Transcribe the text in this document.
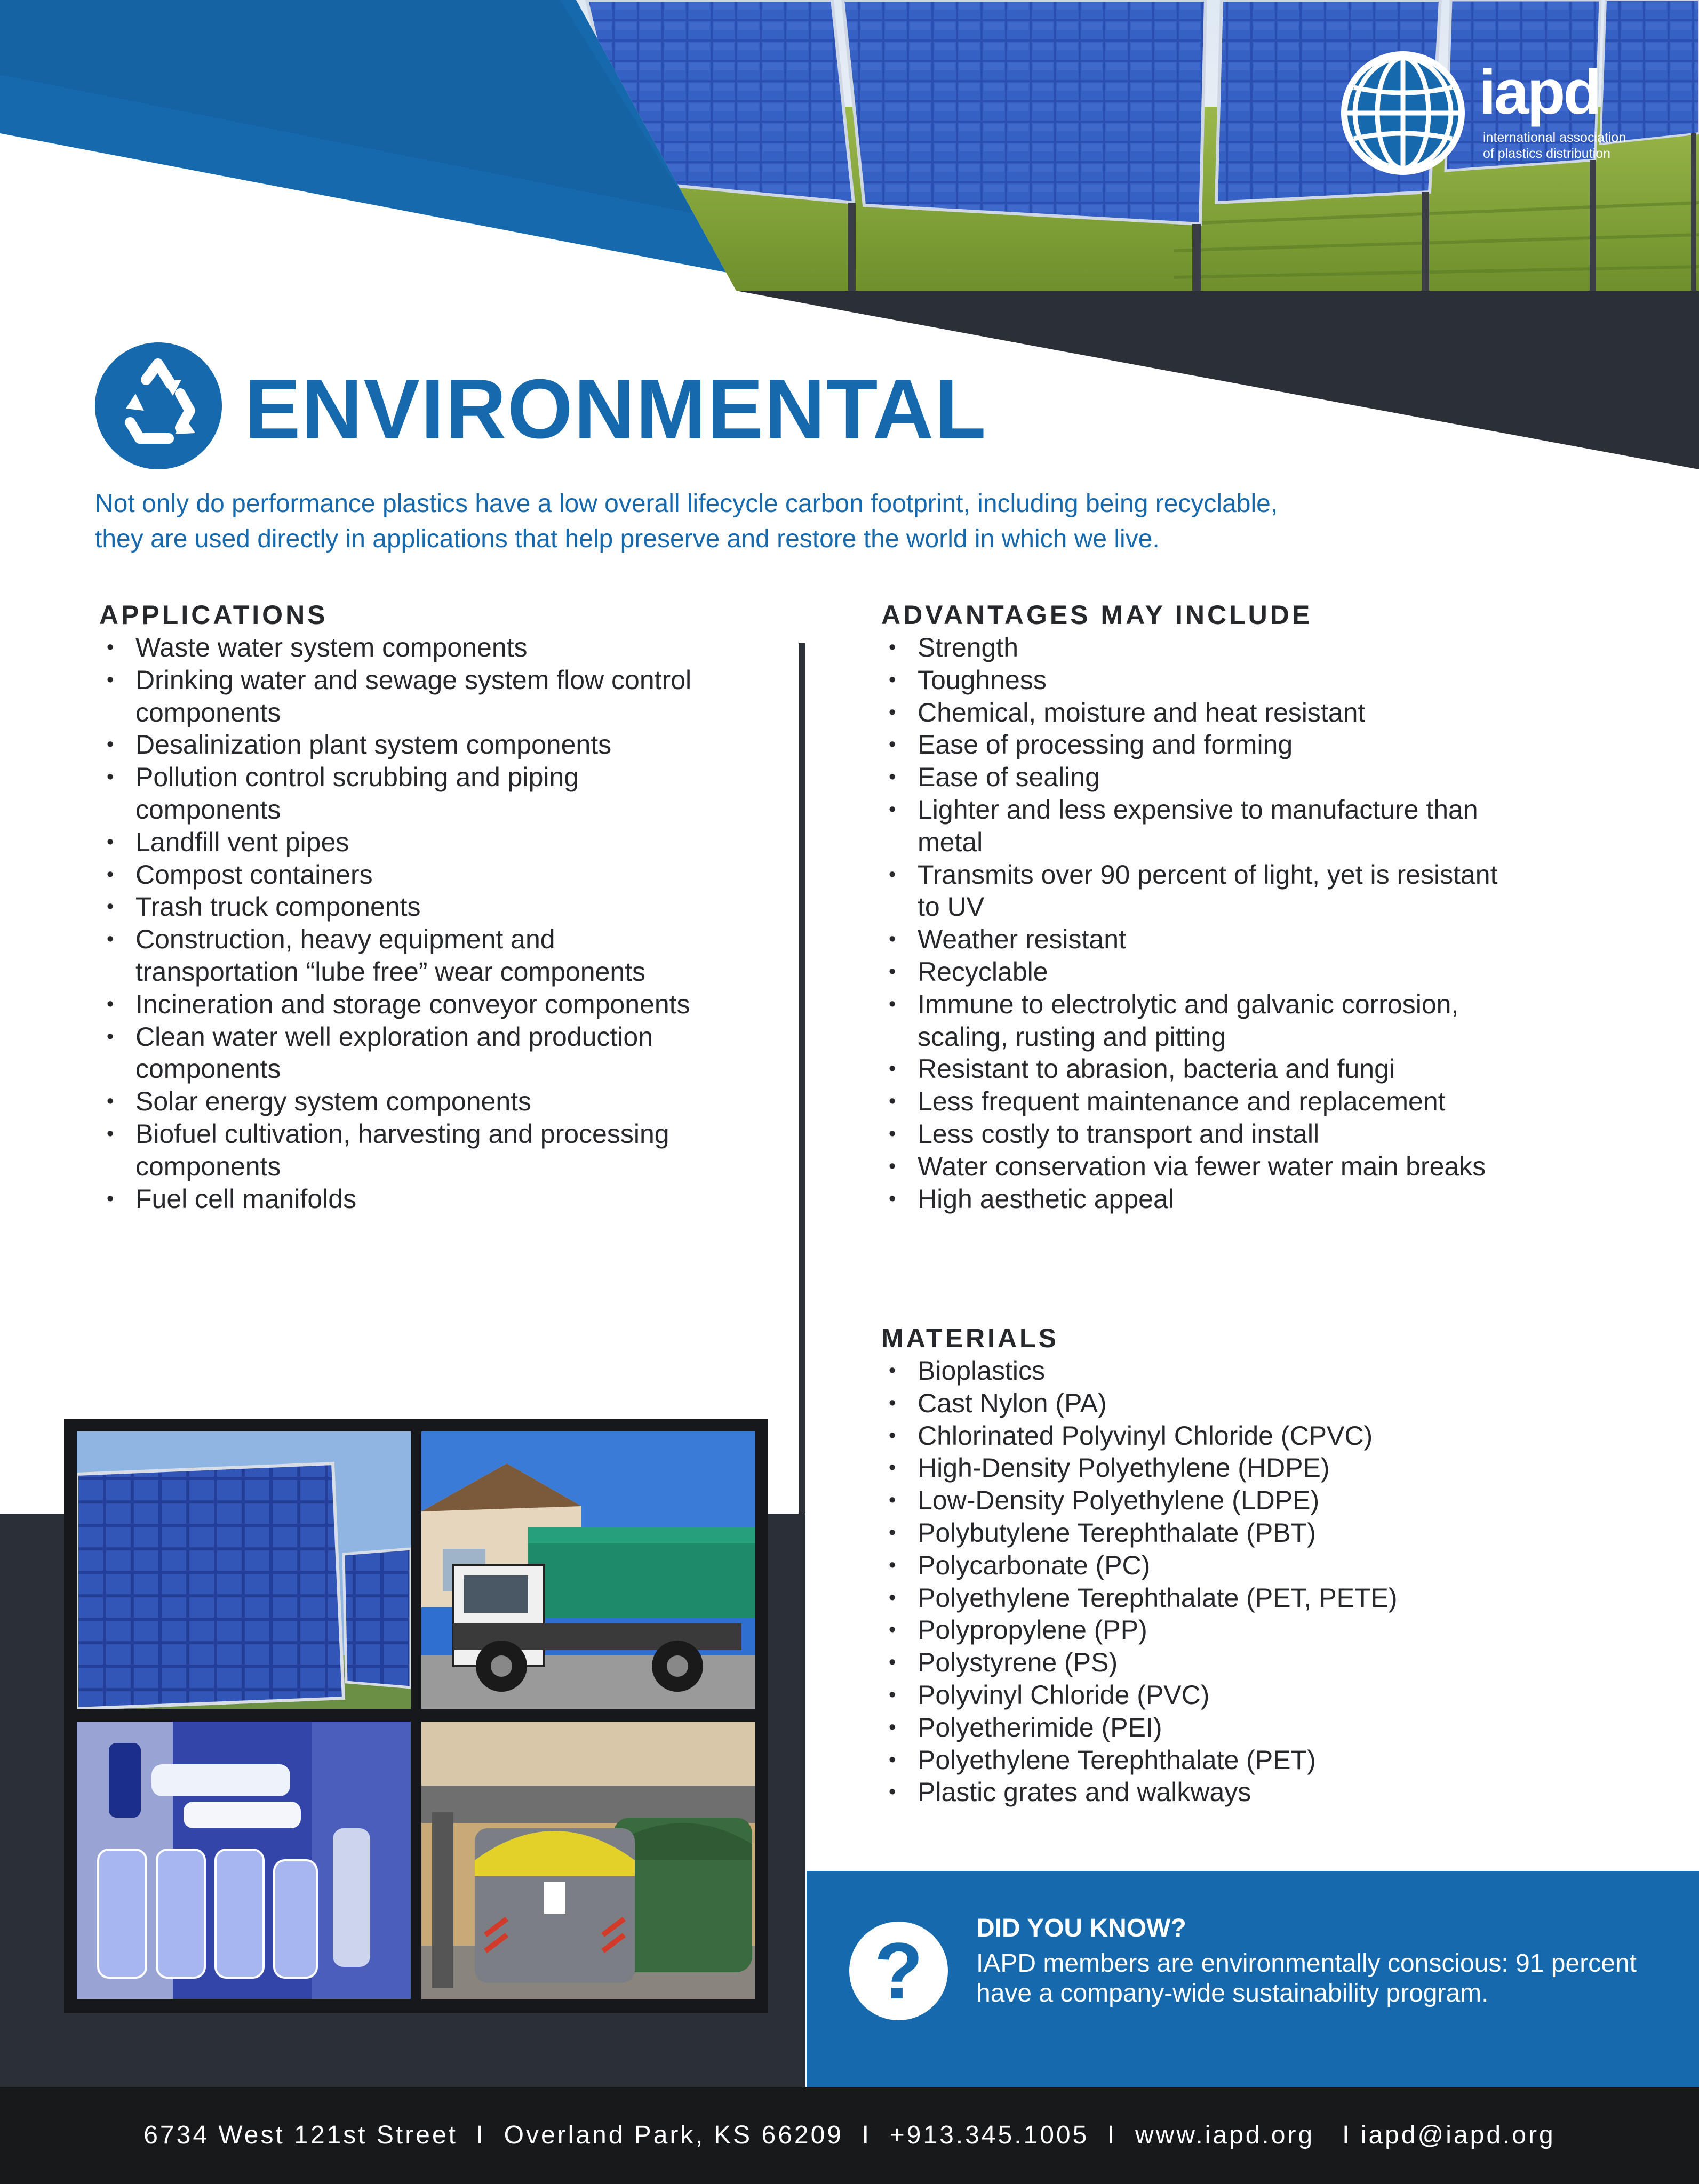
iapd
international association
of plastics distribution
ENVIRONMENTAL
Not only do performance plastics have a low overall lifecycle carbon footprint, including being recyclable,
they are used directly in applications that help preserve and restore the world in which we live.
APPLICATIONS
• Waste water system components
• Drinking water and sewage system flow control components
• Desalinization plant system components
• Pollution control scrubbing and piping components
• Landfill vent pipes
• Compost containers
• Trash truck components
• Construction, heavy equipment and transportation “lube free” wear components
• Incineration and storage conveyor components
• Clean water well exploration and production components
• Solar energy system components
• Biofuel cultivation, harvesting and processing components
• Fuel cell manifolds
ADVANTAGES MAY INCLUDE
• Strength
• Toughness
• Chemical, moisture and heat resistant
• Ease of processing and forming
• Ease of sealing
• Lighter and less expensive to manufacture than metal
• Transmits over 90 percent of light, yet is resistant to UV
• Weather resistant
• Recyclable
• Immune to electrolytic and galvanic corrosion, scaling, rusting and pitting
• Resistant to abrasion, bacteria and fungi
• Less frequent maintenance and replacement
• Less costly to transport and install
• Water conservation via fewer water main breaks
• High aesthetic appeal
MATERIALS
• Bioplastics
• Cast Nylon (PA)
• Chlorinated Polyvinyl Chloride (CPVC)
• High-Density Polyethylene (HDPE)
• Low-Density Polyethylene (LDPE)
• Polybutylene Terephthalate (PBT)
• Polycarbonate (PC)
• Polyethylene Terephthalate (PET, PETE)
• Polypropylene (PP)
• Polystyrene (PS)
• Polyvinyl Chloride (PVC)
• Polyetherimide (PEI)
• Polyethylene Terephthalate (PET)
• Plastic grates and walkways
?	DID YOU KNOW?
IAPD members are environmentally conscious: 91 percent have a company-wide sustainability program.
6734 West 121st Street  I  Overland Park, KS 66209  I  +913.345.1005  I  www.iapd.org   I iapd@iapd.org
